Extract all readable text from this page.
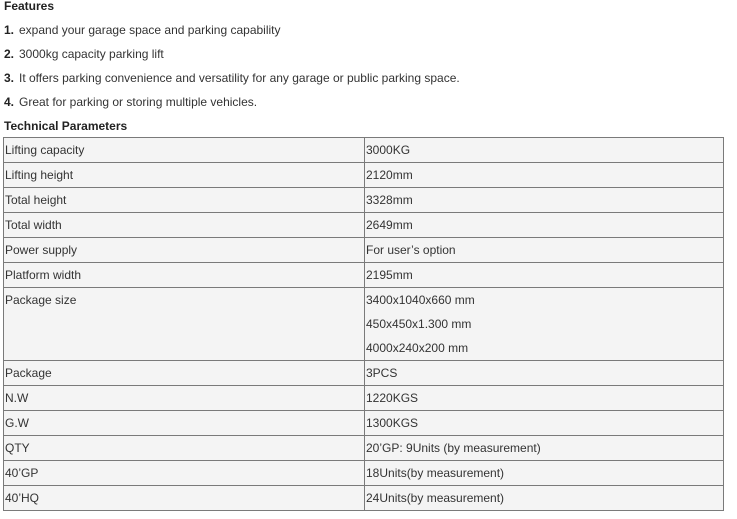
Features
1. expand your garage space and parking capability
2. 3000kg capacity parking lift
3. It offers parking convenience and versatility for any garage or public parking space.
4. Great for parking or storing multiple vehicles.
Technical Parameters
Lifting capacity	3000KG
Lifting height	2120mm
Total height	3328mm
Total width	2649mm
Power supply	For user’s option
Platform width	2195mm
Package size	3400x1040x660 mm
450x450x1.300 mm
4000x240x200 mm

Package	3PCS
N.W	1220KGS
G.W	1300KGS
QTY	20’GP: 9Units (by measurement)
40’GP	18Units(by measurement)
40’HQ	24Units(by measurement)
